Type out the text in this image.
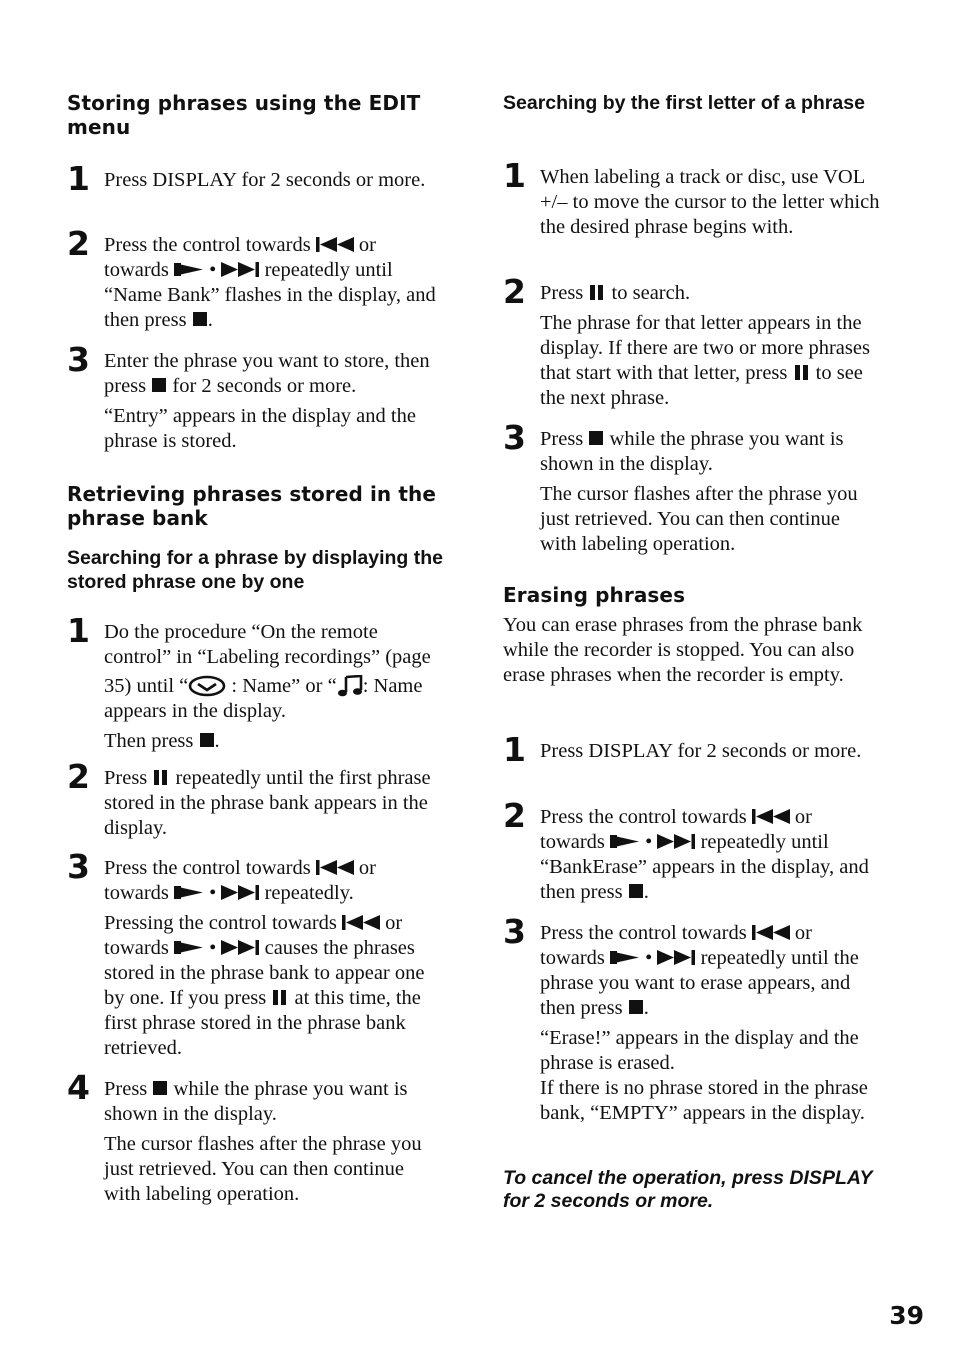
Storing phrases using the EDIT menu
1 Press DISPLAY for 2 seconds or more.

2 Press the control towards or towards • repeatedly until “Name Bank” flashes in the display, and then press .

3 Enter the phrase you want to store, then press for 2 seconds or more.

“Entry” appears in the display and the phrase is stored.

Retrieving phrases stored in the phrase bank
Searching for a phrase by displaying the stored phrase one by one
1 Do the procedure “On the remote control” in “Labeling recordings” (page 35) until “ : Name” or “ : Name appears in the display.

Then press .

2 Press repeatedly until the first phrase stored in the phrase bank appears in the display.

3 Press the control towards or towards • repeatedly.

Pressing the control towards or towards • causes the phrases stored in the phrase bank to appear one by one. If you press at this time, the first phrase stored in the phrase bank retrieved.

4 Press while the phrase you want is shown in the display.

The cursor flashes after the phrase you just retrieved. You can then continue with labeling operation.

Searching by the first letter of a phrase
1 When labeling a track or disc, use VOL +/– to move the cursor to the letter which the desired phrase begins with.

2 Press to search.

The phrase for that letter appears in the display. If there are two or more phrases that start with that letter, press to see the next phrase.

3 Press while the phrase you want is shown in the display.

The cursor flashes after the phrase you just retrieved. You can then continue with labeling operation.

Erasing phrases
You can erase phrases from the phrase bank while the recorder is stopped. You can also erase phrases when the recorder is empty.
1 Press DISPLAY for 2 seconds or more.

2 Press the control towards or towards • repeatedly until “BankErase” appears in the display, and then press .

3 Press the control towards or towards • repeatedly until the phrase you want to erase appears, and then press .

“Erase!” appears in the display and the phrase is erased.

If there is no phrase stored in the phrase bank, “EMPTY” appears in the display.

To cancel the operation, press DISPLAY for 2 seconds or more.
39
